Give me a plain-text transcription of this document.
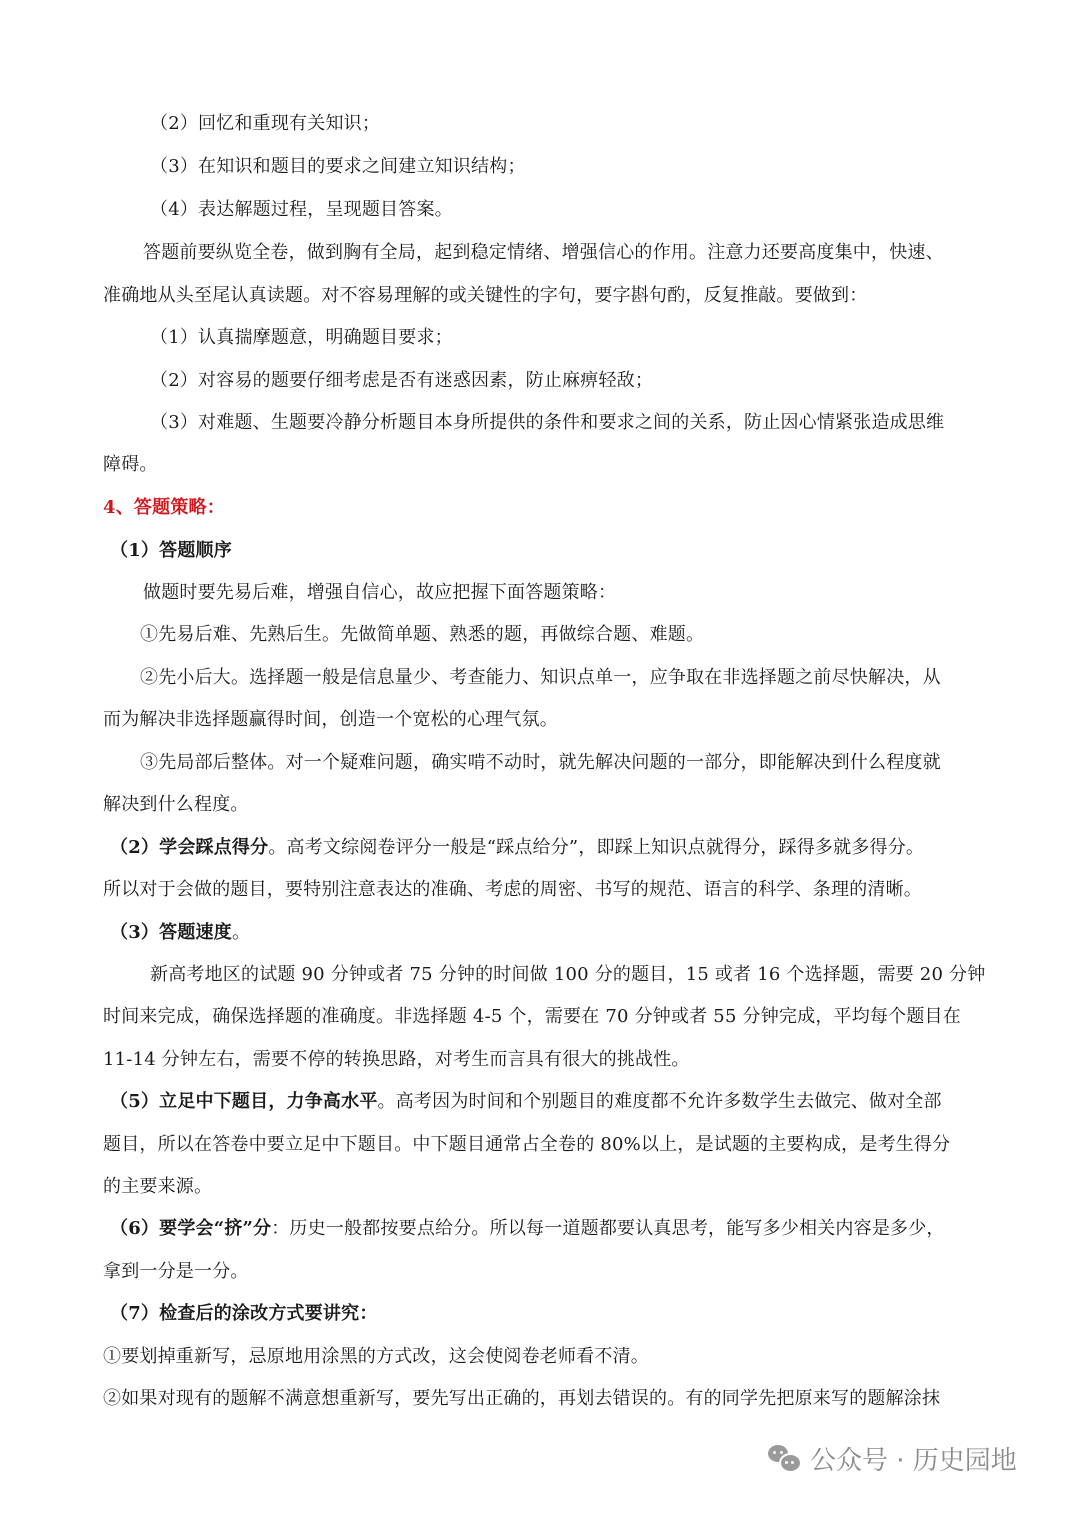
（2）回忆和重现有关知识；
（3）在知识和题目的要求之间建立知识结构；
（4）表达解题过程，呈现题目答案。
答题前要纵览全卷，做到胸有全局，起到稳定情绪、增强信心的作用。注意力还要高度集中，快速、
准确地从头至尾认真读题。对不容易理解的或关键性的字句，要字斟句酌，反复推敲。要做到：
（1）认真揣摩题意，明确题目要求；
（2）对容易的题要仔细考虑是否有迷惑因素，防止麻痹轻敌；
（3）对难题、生题要冷静分析题目本身所提供的条件和要求之间的关系，防止因心情紧张造成思维
障碍。
4、答题策略：
（1）答题顺序
做题时要先易后难，增强自信心，故应把握下面答题策略：
①先易后难、先熟后生。先做简单题、熟悉的题，再做综合题、难题。
②先小后大。选择题一般是信息量少、考查能力、知识点单一，应争取在非选择题之前尽快解决，从
而为解决非选择题赢得时间，创造一个宽松的心理气氛。
③先局部后整体。对一个疑难问题，确实啃不动时，就先解决问题的一部分，即能解决到什么程度就
解决到什么程度。
（2）学会踩点得分。高考文综阅卷评分一般是“踩点给分”，即踩上知识点就得分，踩得多就多得分。
所以对于会做的题目，要特别注意表达的准确、考虑的周密、书写的规范、语言的科学、条理的清晰。
（3）答题速度。
新高考地区的试题 90 分钟或者 75 分钟的时间做 100 分的题目，15 或者 16 个选择题，需要 20 分钟
时间来完成，确保选择题的准确度。非选择题 4-5 个，需要在 70 分钟或者 55 分钟完成，平均每个题目在
11-14 分钟左右，需要不停的转换思路，对考生而言具有很大的挑战性。
（5）立足中下题目，力争高水平。高考因为时间和个别题目的难度都不允许多数学生去做完、做对全部
题目，所以在答卷中要立足中下题目。中下题目通常占全卷的 80%以上，是试题的主要构成，是考生得分
的主要来源。
（6）要学会“挤”分：历史一般都按要点给分。所以每一道题都要认真思考，能写多少相关内容是多少，
拿到一分是一分。
（7）检查后的涂改方式要讲究：
①要划掉重新写，忌原地用涂黑的方式改，这会使阅卷老师看不清。
②如果对现有的题解不满意想重新写，要先写出正确的，再划去错误的。有的同学先把原来写的题解涂抹
公众号 · 历史园地
